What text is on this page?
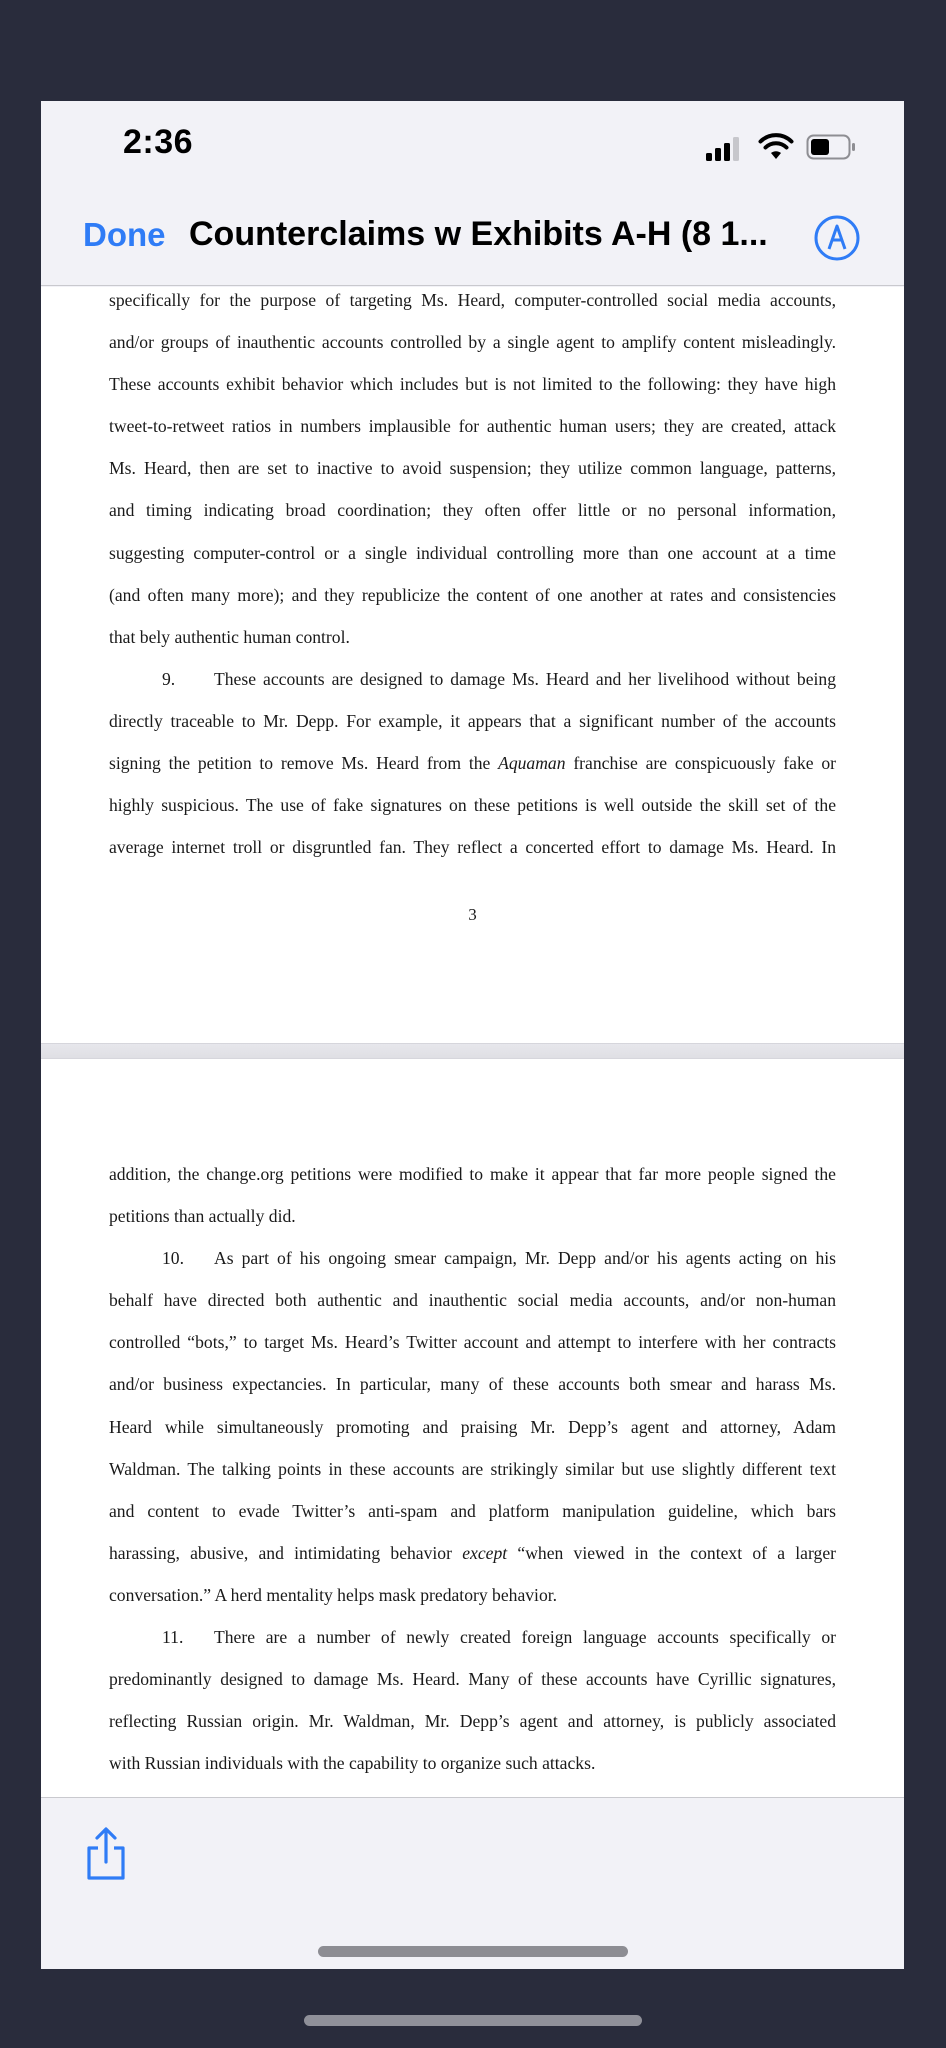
2:36
Done Counterclaims w Exhibits A-H (8 1...
specifically for the purpose of targeting Ms. Heard, computer-controlled social media accounts,
and/or groups of inauthentic accounts controlled by a single agent to amplify content misleadingly.
These accounts exhibit behavior which includes but is not limited to the following: they have high
tweet-to-retweet ratios in numbers implausible for authentic human users; they are created, attack
Ms. Heard, then are set to inactive to avoid suspension; they utilize common language, patterns,
and timing indicating broad coordination; they often offer little or no personal information,
suggesting computer-control or a single individual controlling more than one account at a time
(and often many more); and they republicize the content of one another at rates and consistencies
that bely authentic human control.
9. These accounts are designed to damage Ms. Heard and her livelihood without being
directly traceable to Mr. Depp. For example, it appears that a significant number of the accounts
signing the petition to remove Ms. Heard from the Aquaman franchise are conspicuously fake or
highly suspicious. The use of fake signatures on these petitions is well outside the skill set of the
average internet troll or disgruntled fan. They reflect a concerted effort to damage Ms. Heard. In
3
addition, the change.org petitions were modified to make it appear that far more people signed the
petitions than actually did.
10. As part of his ongoing smear campaign, Mr. Depp and/or his agents acting on his
behalf have directed both authentic and inauthentic social media accounts, and/or non-human
controlled “bots,” to target Ms. Heard’s Twitter account and attempt to interfere with her contracts
and/or business expectancies. In particular, many of these accounts both smear and harass Ms.
Heard while simultaneously promoting and praising Mr. Depp’s agent and attorney, Adam
Waldman. The talking points in these accounts are strikingly similar but use slightly different text
and content to evade Twitter’s anti-spam and platform manipulation guideline, which bars
harassing, abusive, and intimidating behavior except “when viewed in the context of a larger
conversation.” A herd mentality helps mask predatory behavior.
11. There are a number of newly created foreign language accounts specifically or
predominantly designed to damage Ms. Heard. Many of these accounts have Cyrillic signatures,
reflecting Russian origin. Mr. Waldman, Mr. Depp’s agent and attorney, is publicly associated
with Russian individuals with the capability to organize such attacks.
